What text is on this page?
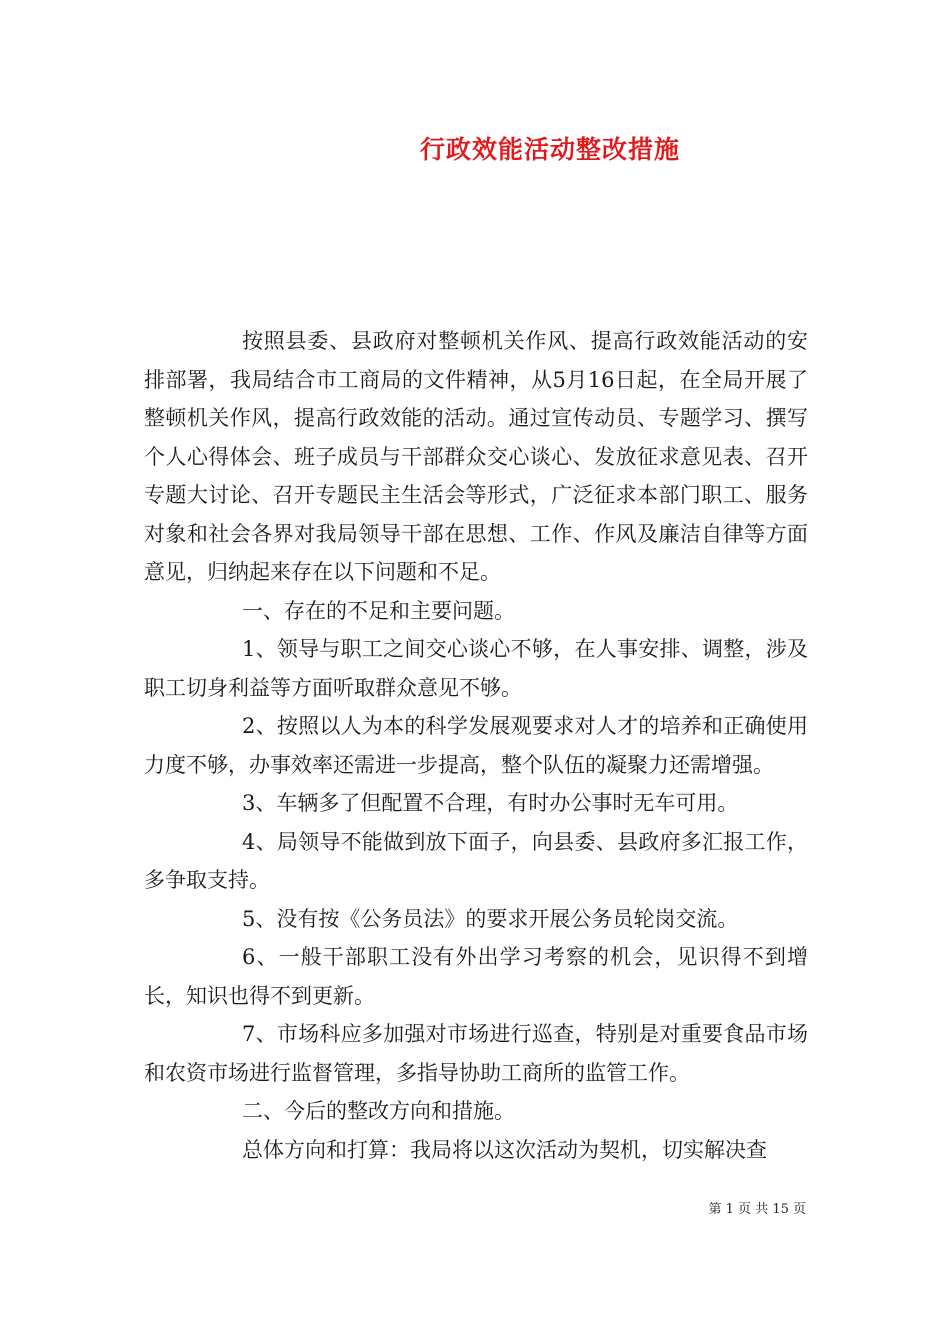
行政效能活动整改措施

按照县委、县政府对整顿机关作风、提高行政效能活动的安排部署，我局结合市工商局的文件精神，从5月16日起，在全局开展了整顿机关作风，提高行政效能的活动。通过宣传动员、专题学习、撰写个人心得体会、班子成员与干部群众交心谈心、发放征求意见表、召开专题大讨论、召开专题民主生活会等形式，广泛征求本部门职工、服务对象和社会各界对我局领导干部在思想、工作、作风及廉洁自律等方面意见，归纳起来存在以下问题和不足。

一、存在的不足和主要问题。

1、领导与职工之间交心谈心不够，在人事安排、调整，涉及职工切身利益等方面听取群众意见不够。

2、按照以人为本的科学发展观要求对人才的培养和正确使用力度不够，办事效率还需进一步提高，整个队伍的凝聚力还需增强。

3、车辆多了但配置不合理，有时办公事时无车可用。

4、局领导不能做到放下面子，向县委、县政府多汇报工作，多争取支持。

5、没有按《公务员法》的要求开展公务员轮岗交流。

6、一般干部职工没有外出学习考察的机会，见识得不到增长，知识也得不到更新。

7、市场科应多加强对市场进行巡查，特别是对重要食品市场和农资市场进行监督管理，多指导协助工商所的监管工作。

二、今后的整改方向和措施。

总体方向和打算：我局将以这次活动为契机，切实解决查

第 1 页 共 15 页
